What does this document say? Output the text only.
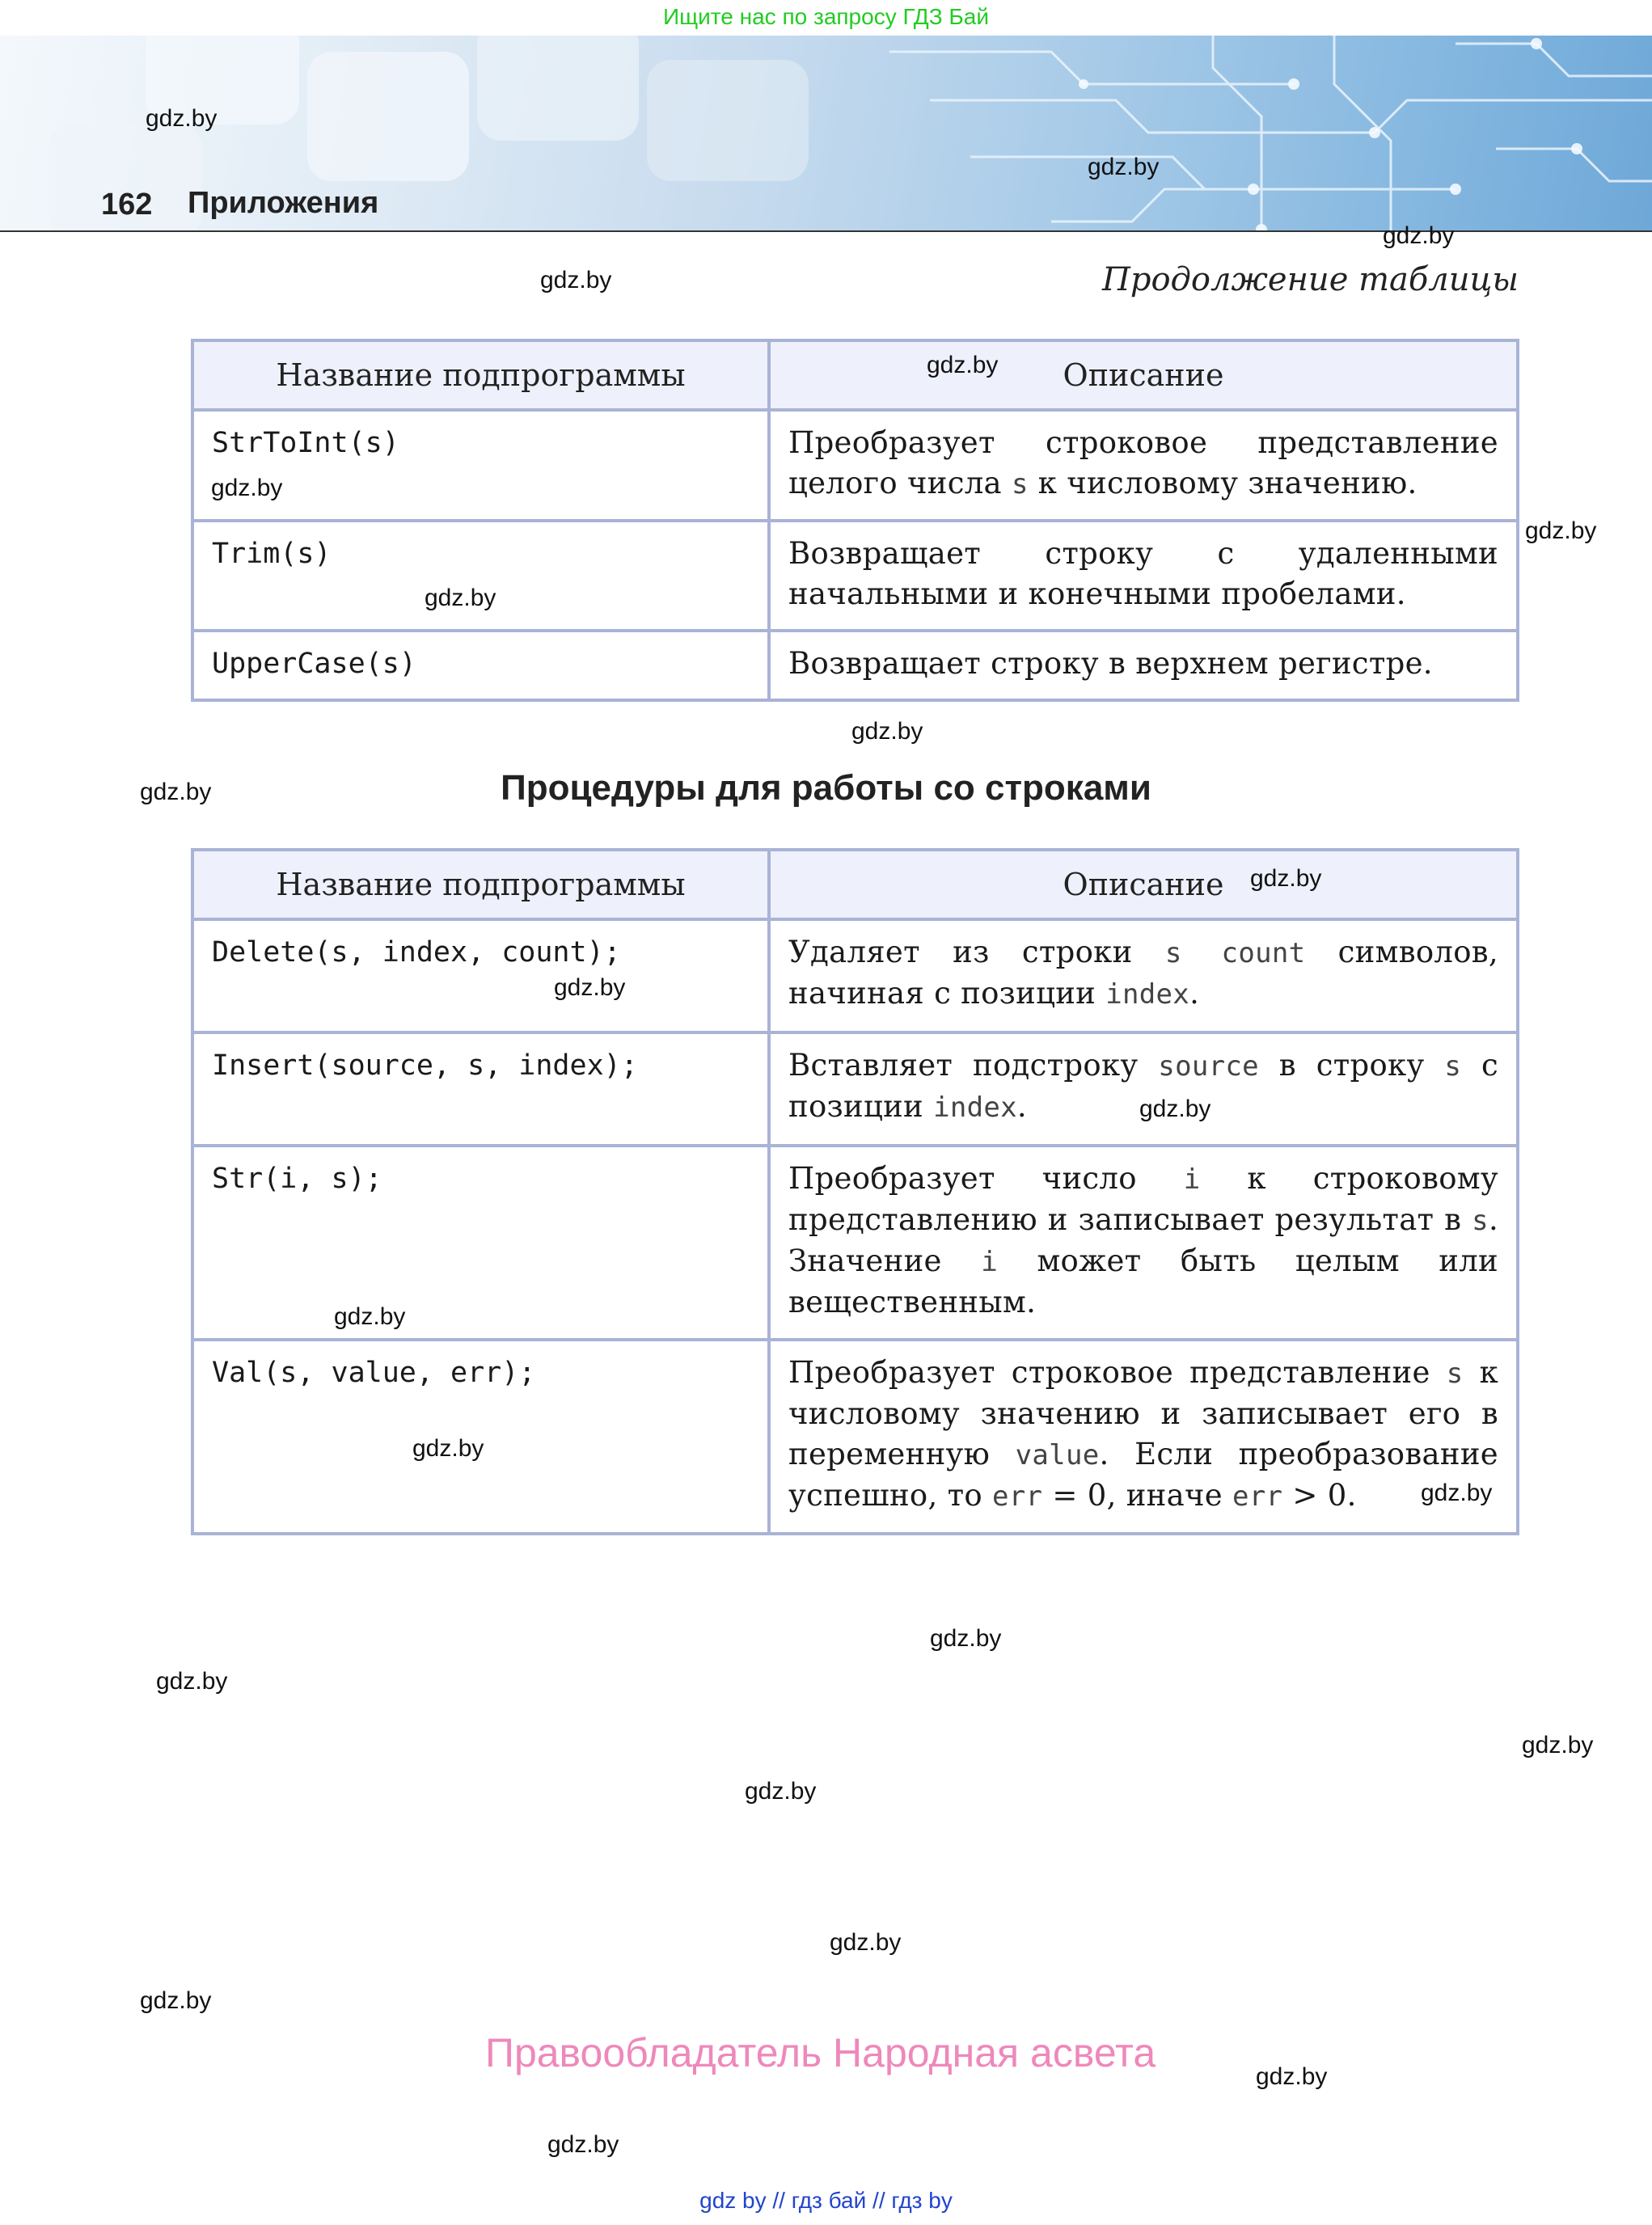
Ищите нас по запросу ГДЗ Бай
162 Приложения
Продолжение таблицы
Название подпрограммы	Описание
StrToInt(s)	Преобразует строковое представление целого числа s к числовому значению.
Trim(s)	Возвращает строку с удаленными начальными и конечными пробелами.
UpperCase(s)	Возвращает строку в верхнем регистре.
Процедуры для работы со строками
Название подпрограммы	Описание
Delete(s, index, count);	Удаляет из строки s count символов, начиная с позиции index.
Insert(source, s, index);	Вставляет подстроку source в строку s с позиции index.
Str(i, s);	Преобразует число i к строковому представлению и записывает результат в s. Значение i может быть целым или вещественным.
Val(s, value, err);	Преобразует строковое представление s к числовому значению и записывает его в переменную value. Если преобразование успешно, то err = 0, иначе err > 0.
gdz.by
gdz.by
gdz.by
gdz.by
gdz.by
gdz.by
gdz.by
gdz.by
gdz.by
gdz.by
gdz.by
gdz.by
gdz.by
gdz.by
gdz.by
gdz.by
gdz.by
gdz.by
gdz.by
gdz.by
gdz.by
gdz.by
gdz.by
gdz.by
Правообладатель Народная асвета
gdz by // гдз бай // гдз by
